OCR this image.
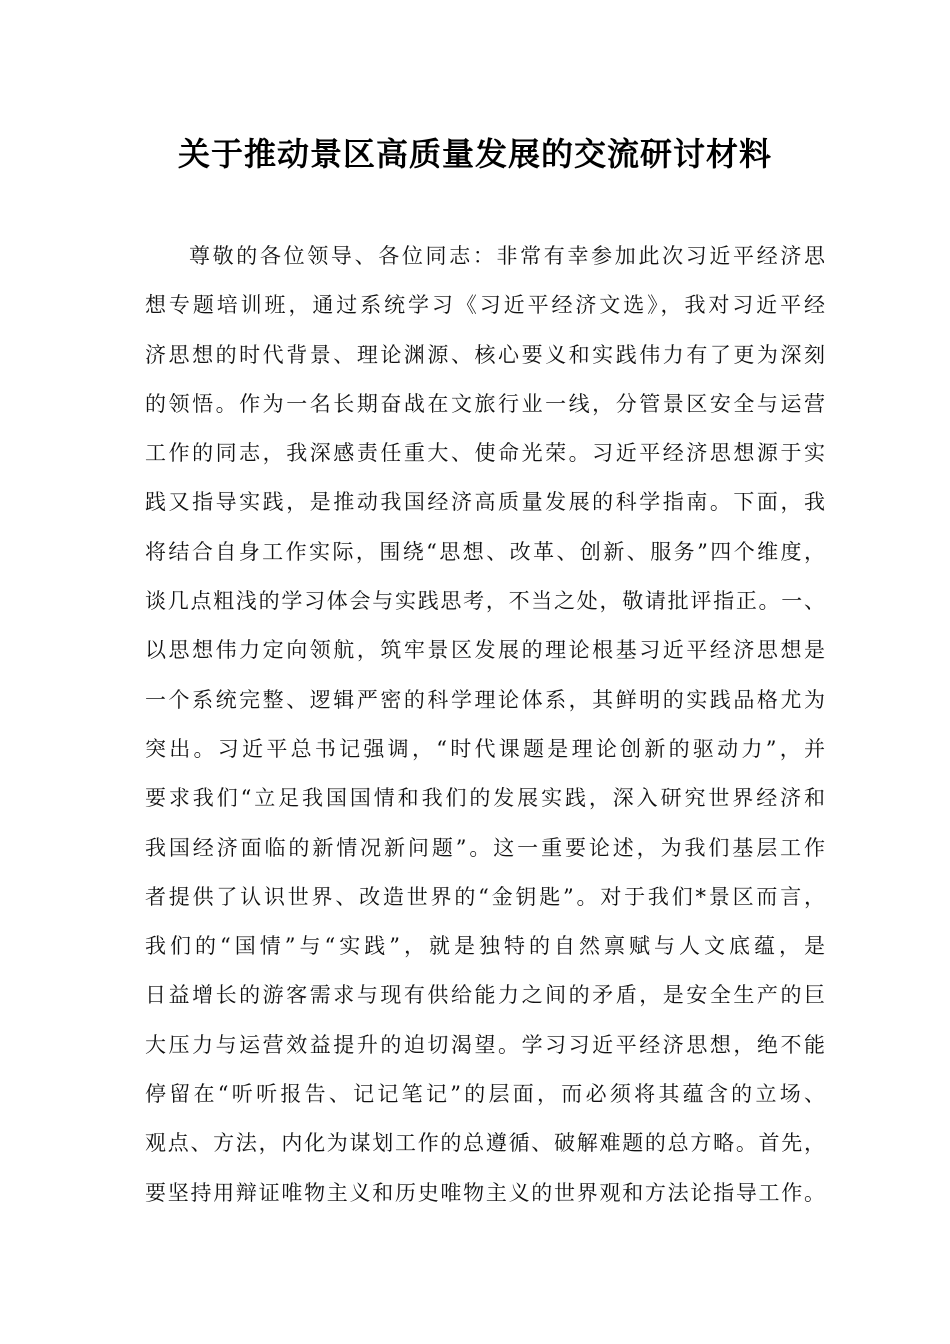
关于推动景区高质量发展的交流研讨材料
尊敬的各位领导、各位同志：非常有幸参加此次习近平经济思
想专题培训班，通过系统学习《习近平经济文选》，我对习近平经
济思想的时代背景、理论渊源、核心要义和实践伟力有了更为深刻
的领悟。作为一名长期奋战在文旅行业一线，分管景区安全与运营
工作的同志，我深感责任重大、使命光荣。习近平经济思想源于实
践又指导实践，是推动我国经济高质量发展的科学指南。下面，我
将结合自身工作实际，围绕“思想、改革、创新、服务”四个维度，
谈几点粗浅的学习体会与实践思考，不当之处，敬请批评指正。一、
以思想伟力定向领航，筑牢景区发展的理论根基习近平经济思想是
一个系统完整、逻辑严密的科学理论体系，其鲜明的实践品格尤为
突出。习近平总书记强调，“时代课题是理论创新的驱动力”，并
要求我们“立足我国国情和我们的发展实践，深入研究世界经济和
我国经济面临的新情况新问题”。这一重要论述，为我们基层工作
者提供了认识世界、改造世界的“金钥匙”。对于我们*景区而言，
我们的“国情”与“实践”，就是独特的自然禀赋与人文底蕴，是
日益增长的游客需求与现有供给能力之间的矛盾，是安全生产的巨
大压力与运营效益提升的迫切渴望。学习习近平经济思想，绝不能
停留在“听听报告、记记笔记”的层面，而必须将其蕴含的立场、
观点、方法，内化为谋划工作的总遵循、破解难题的总方略。首先，
要坚持用辩证唯物主义和历史唯物主义的世界观和方法论指导工作。
